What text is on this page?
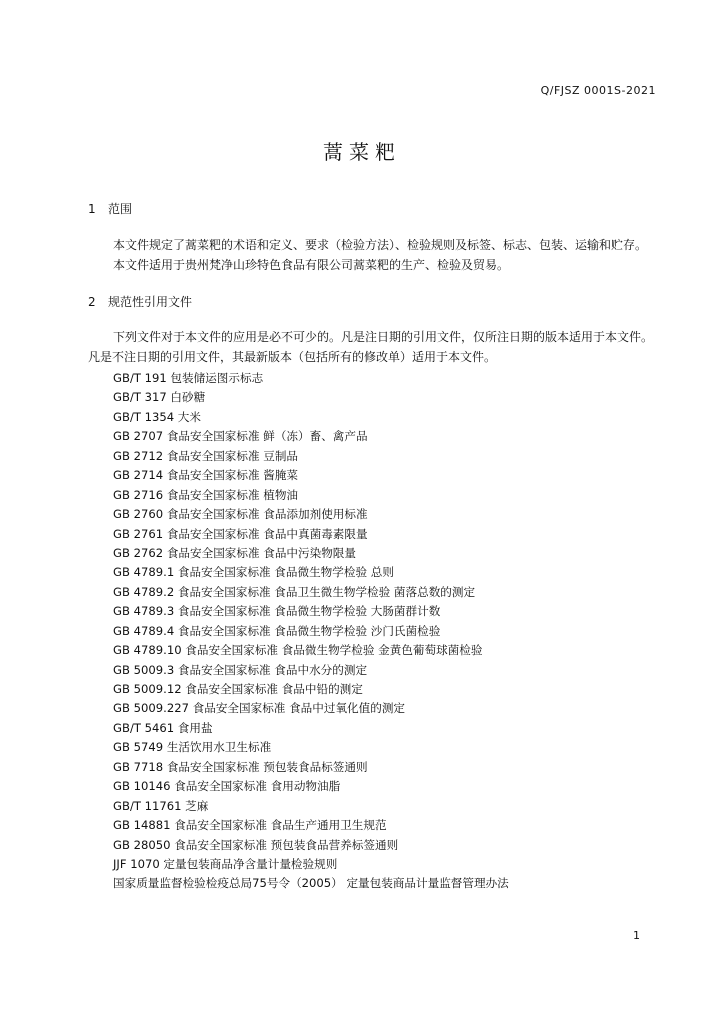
Q/FJSZ 0001S-2021
蒿菜粑
1 范围
本文件规定了蒿菜粑的术语和定义、要求（检验方法）、检验规则及标签、标志、包装、运输和贮存。
本文件适用于贵州梵净山珍特色食品有限公司蒿菜粑的生产、检验及贸易。
2 规范性引用文件
下列文件对于本文件的应用是必不可少的。凡是注日期的引用文件，仅所注日期的版本适用于本文件。凡是不注日期的引用文件，其最新版本（包括所有的修改单）适用于本文件。
GB/T 191 包装储运图示标志
GB/T 317 白砂糖
GB/T 1354 大米
GB 2707 食品安全国家标准 鲜（冻）畜、禽产品
GB 2712 食品安全国家标准 豆制品
GB 2714 食品安全国家标准 酱腌菜
GB 2716 食品安全国家标准 植物油
GB 2760 食品安全国家标准 食品添加剂使用标准
GB 2761 食品安全国家标准 食品中真菌毒素限量
GB 2762 食品安全国家标准 食品中污染物限量
GB 4789.1 食品安全国家标准 食品微生物学检验 总则
GB 4789.2 食品安全国家标准 食品卫生微生物学检验 菌落总数的测定
GB 4789.3 食品安全国家标准 食品微生物学检验 大肠菌群计数
GB 4789.4 食品安全国家标准 食品微生物学检验 沙门氏菌检验
GB 4789.10 食品安全国家标准 食品微生物学检验 金黄色葡萄球菌检验
GB 5009.3 食品安全国家标准 食品中水分的测定
GB 5009.12 食品安全国家标准 食品中铅的测定
GB 5009.227 食品安全国家标准 食品中过氧化值的测定
GB/T 5461 食用盐
GB 5749 生活饮用水卫生标准
GB 7718 食品安全国家标准 预包装食品标签通则
GB 10146 食品安全国家标准 食用动物油脂
GB/T 11761 芝麻
GB 14881 食品安全国家标准 食品生产通用卫生规范
GB 28050 食品安全国家标准 预包装食品营养标签通则
JJF 1070 定量包装商品净含量计量检验规则
国家质量监督检验检疫总局75号令（2005） 定量包装商品计量监督管理办法
1
